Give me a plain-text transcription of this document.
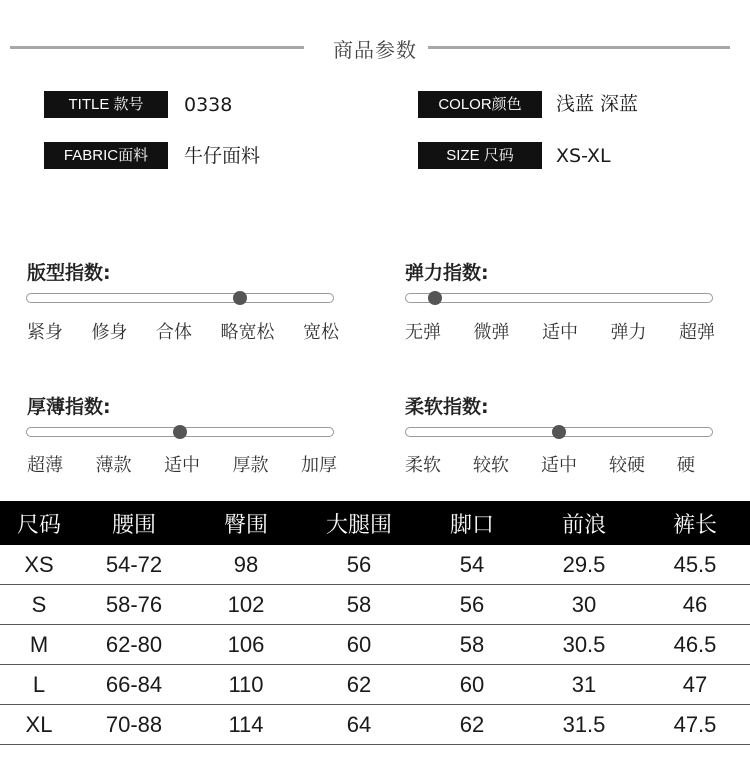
商品参数
TITLE 款号	0338	COLOR颜色	浅蓝 深蓝
FABRIC面料	牛仔面料	SIZE 尺码	XS-XL
版型指数:
紧身 修身 合体 略宽松 宽松
弹力指数:
无弹 微弹 适中 弹力 超弹
厚薄指数:
超薄 薄款 适中 厚款 加厚
柔软指数:
柔软 较软 适中 较硬 硬
尺码	腰围	臀围	大腿围	脚口	前浪	裤长
XS	54-72	98	56	54	29.5	45.5
S	58-76	102	58	56	30	46
M	62-80	106	60	58	30.5	46.5
L	66-84	110	62	60	31	47
XL	70-88	114	64	62	31.5	47.5
